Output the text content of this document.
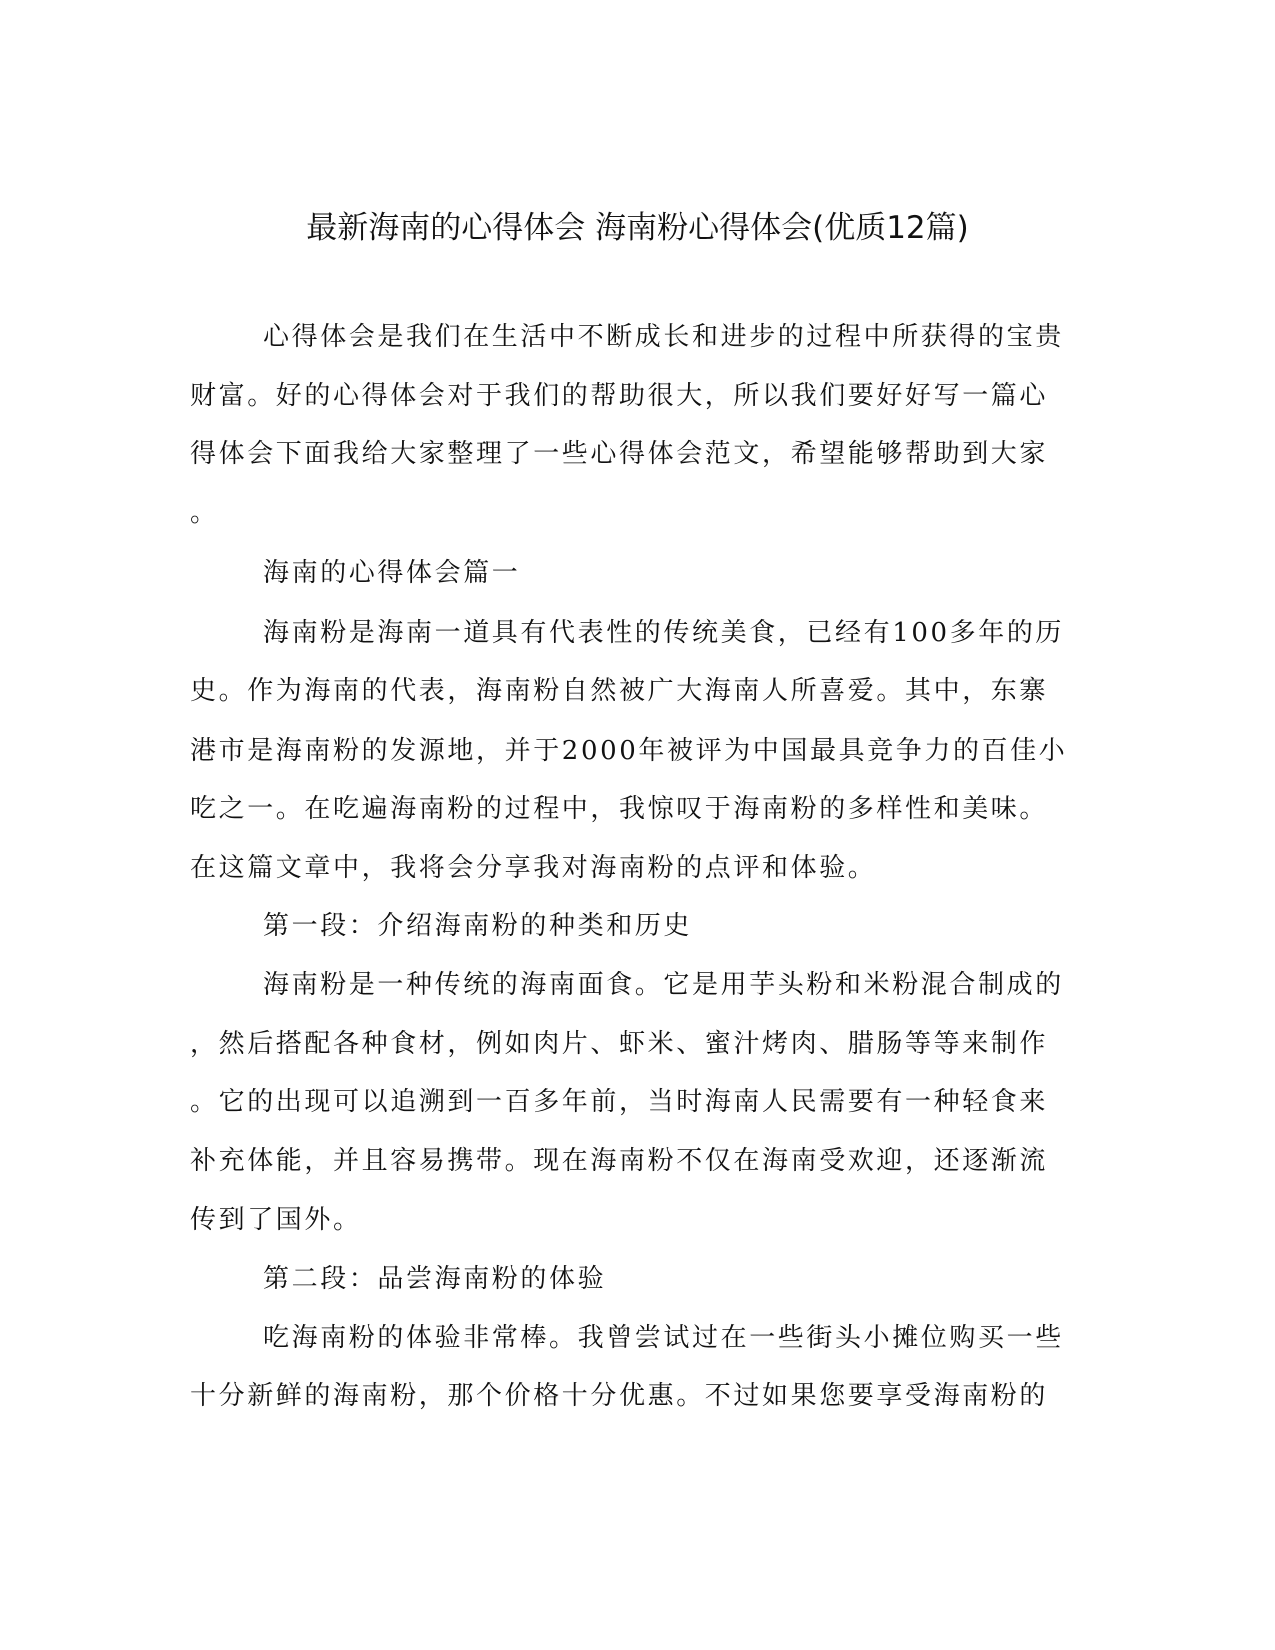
最新海南的心得体会 海南粉心得体会(优质12篇)
心得体会是我们在生活中不断成长和进步的过程中所获得的宝贵
财富。好的心得体会对于我们的帮助很大，所以我们要好好写一篇心
得体会下面我给大家整理了一些心得体会范文，希望能够帮助到大家
。
海南的心得体会篇一
海南粉是海南一道具有代表性的传统美食，已经有100多年的历
史。作为海南的代表，海南粉自然被广大海南人所喜爱。其中，东寨
港市是海南粉的发源地，并于2000年被评为中国最具竞争力的百佳小
吃之一。在吃遍海南粉的过程中，我惊叹于海南粉的多样性和美味。
在这篇文章中，我将会分享我对海南粉的点评和体验。
第一段：介绍海南粉的种类和历史
海南粉是一种传统的海南面食。它是用芋头粉和米粉混合制成的
，然后搭配各种食材，例如肉片、虾米、蜜汁烤肉、腊肠等等来制作
。它的出现可以追溯到一百多年前，当时海南人民需要有一种轻食来
补充体能，并且容易携带。现在海南粉不仅在海南受欢迎，还逐渐流
传到了国外。
第二段：品尝海南粉的体验
吃海南粉的体验非常棒。我曾尝试过在一些街头小摊位购买一些
十分新鲜的海南粉，那个价格十分优惠。不过如果您要享受海南粉的
